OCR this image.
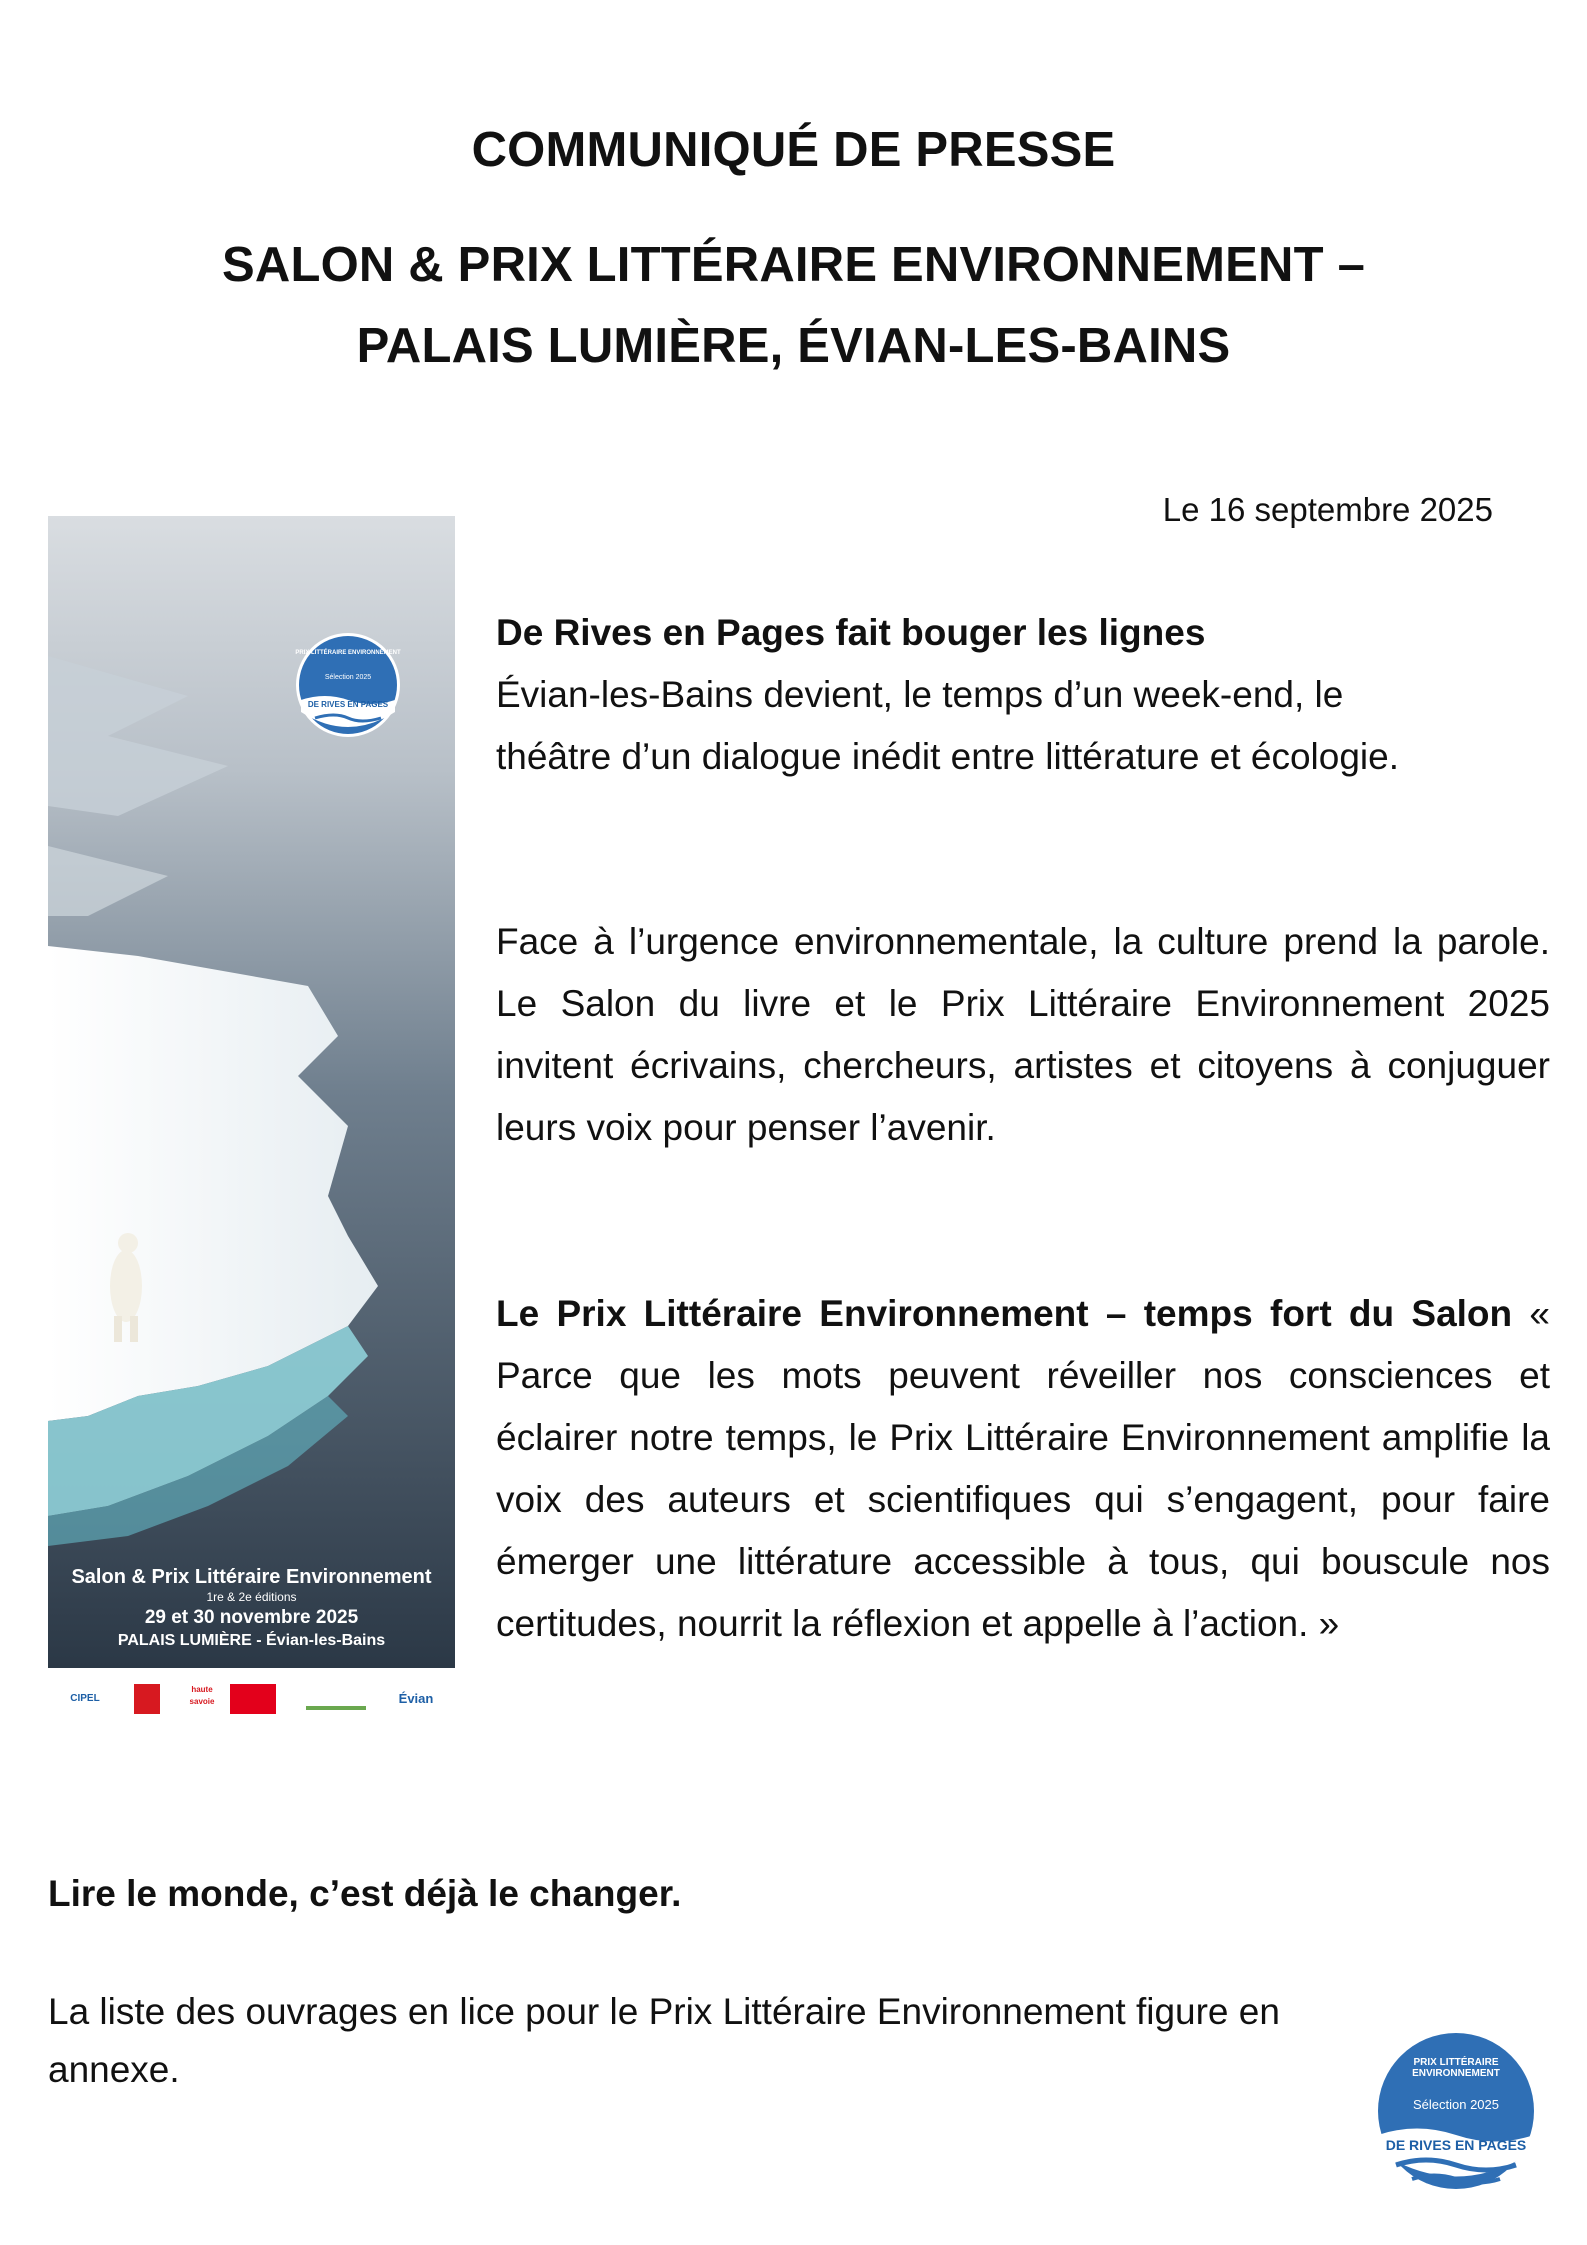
COMMUNIQUÉ DE PRESSE
SALON & PRIX LITTÉRAIRE ENVIRONNEMENT –
PALAIS LUMIÈRE, ÉVIAN-LES-BAINS
Le 16 septembre 2025
PRIX LITTÉRAIRE ENVIRONNEMENT
Sélection 2025
DE RIVES EN PAGES
Salon & Prix Littéraire Environnement
1re & 2e éditions
29 et 30 novembre 2025
PALAIS LUMIÈRE - Évian-les-Bains
CIPEL
haute savoie	Évian

De Rives en Pages fait bouger les lignes

Évian-les-Bains devient, le temps d’un week-end, le

théâtre d’un dialogue inédit entre littérature et écologie.

Face à l’urgence environnementale, la culture prend la parole. Le Salon du livre et le Prix Littéraire Environnement 2025 invitent écrivains, chercheurs, artistes et citoyens à conjuguer leurs voix pour penser l’avenir.

Le Prix Littéraire Environnement – temps fort du Salon « Parce que les mots peuvent réveiller nos consciences et éclairer notre temps, le Prix Littéraire Environnement amplifie la voix des auteurs et scientifiques qui s’engagent, pour faire émerger une littérature accessible à tous, qui bouscule nos certitudes, nourrit la réflexion et appelle à l’action. »

Lire le monde, c’est déjà le changer.
La liste des ouvrages en lice pour le Prix Littéraire Environnement figure en annexe.	PRIX LITTÉRAIRE ENVIRONNEMENT
Sélection 2025
DE RIVES EN PAGES
